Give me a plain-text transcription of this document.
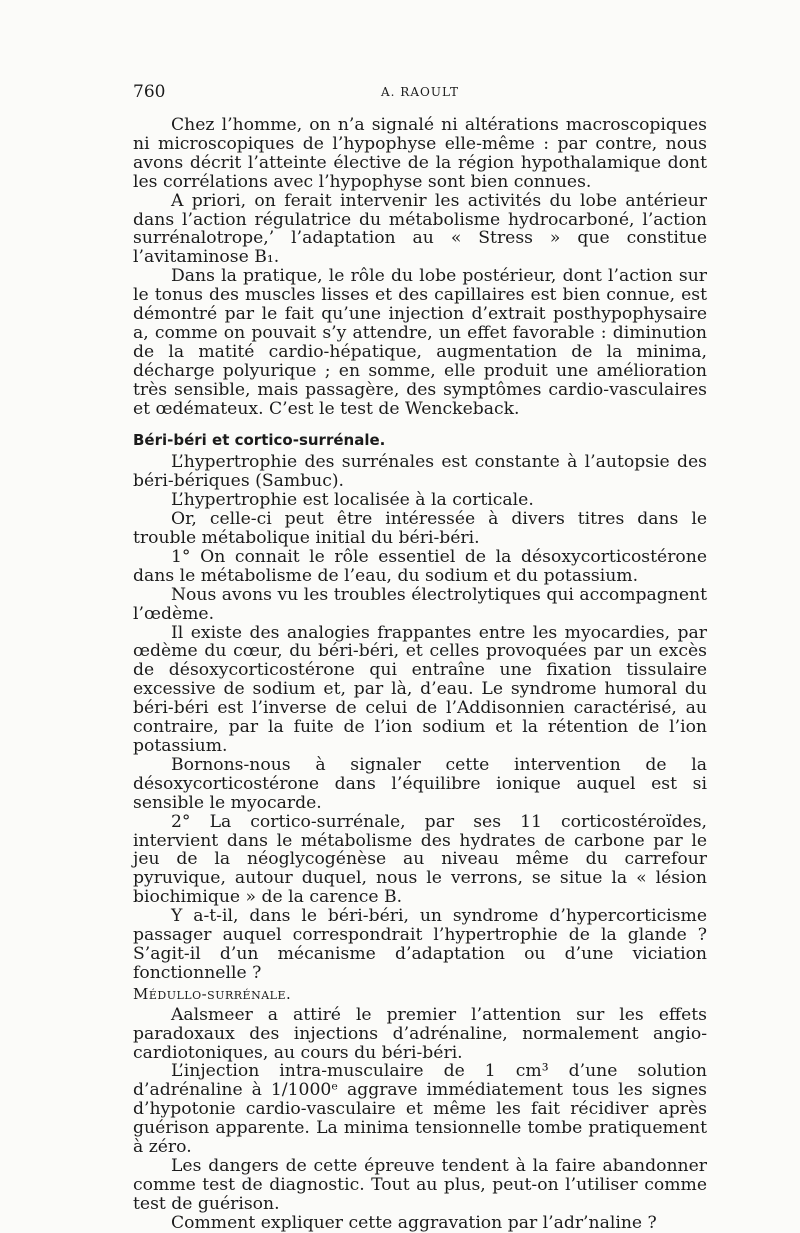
760	A. RAOULT

Chez l’homme, on n’a signalé ni altérations macroscopiques ni microscopiques de l’hypophyse elle-même : par contre, nous avons décrit l’atteinte élective de la région hypothalamique dont les corrélations avec l’hypophyse sont bien connues.

A priori, on ferait intervenir les activités du lobe antérieur dans l’action régulatrice du métabolisme hydrocarboné, l’action surrénalotrope,’ l’adaptation au « Stress » que constitue l’avitaminose B₁.

Dans la pratique, le rôle du lobe postérieur, dont l’action sur le tonus des muscles lisses et des capillaires est bien connue, est démontré par le fait qu’une injection d’extrait posthypophysaire a, comme on pouvait s’y attendre, un effet favorable : diminution de la matité cardio-hépatique, augmentation de la minima, décharge polyurique ; en somme, elle produit une amélioration très sensible, mais passagère, des symptômes cardio-vasculaires et œdémateux. C’est le test de Wenckeback.

Béri-béri et cortico-surrénale.

L’hypertrophie des surrénales est constante à l’autopsie des béri-bériques (Sambuc).

L’hypertrophie est localisée à la corticale.

Or, celle-ci peut être intéressée à divers titres dans le trouble métabolique initial du béri-béri.

1° On connait le rôle essentiel de la désoxycorticostérone dans le métabolisme de l’eau, du sodium et du potassium.

Nous avons vu les troubles électrolytiques qui accompagnent l’œdème.

Il existe des analogies frappantes entre les myocardies, par œdème du cœur, du béri-béri, et celles provoquées par un excès de désoxycorticostérone qui entraîne une fixation tissulaire excessive de sodium et, par là, d’eau. Le syndrome humoral du béri-béri est l’inverse de celui de l’Addisonnien caractérisé, au contraire, par la fuite de l’ion sodium et la rétention de l’ion potassium.

Bornons-nous à signaler cette intervention de la désoxycorticostérone dans l’équilibre ionique auquel est si sensible le myocarde.

2° La cortico-surrénale, par ses 11 corticostéroïdes, intervient dans le métabolisme des hydrates de carbone par le jeu de la néoglycogénèse au niveau même du carrefour pyruvique, autour duquel, nous le verrons, se situe la « lésion biochimique » de la carence B.

Y a-t-il, dans le béri-béri, un syndrome d’hypercorticisme passager auquel correspondrait l’hypertrophie de la glande ? S’agit-il d’un mécanisme d’adaptation ou d’une viciation fonctionnelle ?

Médullo-surrénale.

Aalsmeer a attiré le premier l’attention sur les effets paradoxaux des injections d’adrénaline, normalement angio-cardiotoniques, au cours du béri-béri.

L’injection intra-musculaire de 1 cm³ d’une solution d’adrénaline à 1/1000ᵉ aggrave immédiatement tous les signes d’hypotonie cardio-vasculaire et même les fait récidiver après guérison apparente. La minima tensionnelle tombe pratiquement à zéro.

Les dangers de cette épreuve tendent à la faire abandonner comme test de diagnostic. Tout au plus, peut-on l’utiliser comme test de guérison.

Comment expliquer cette aggravation par l’adr’naline ?
